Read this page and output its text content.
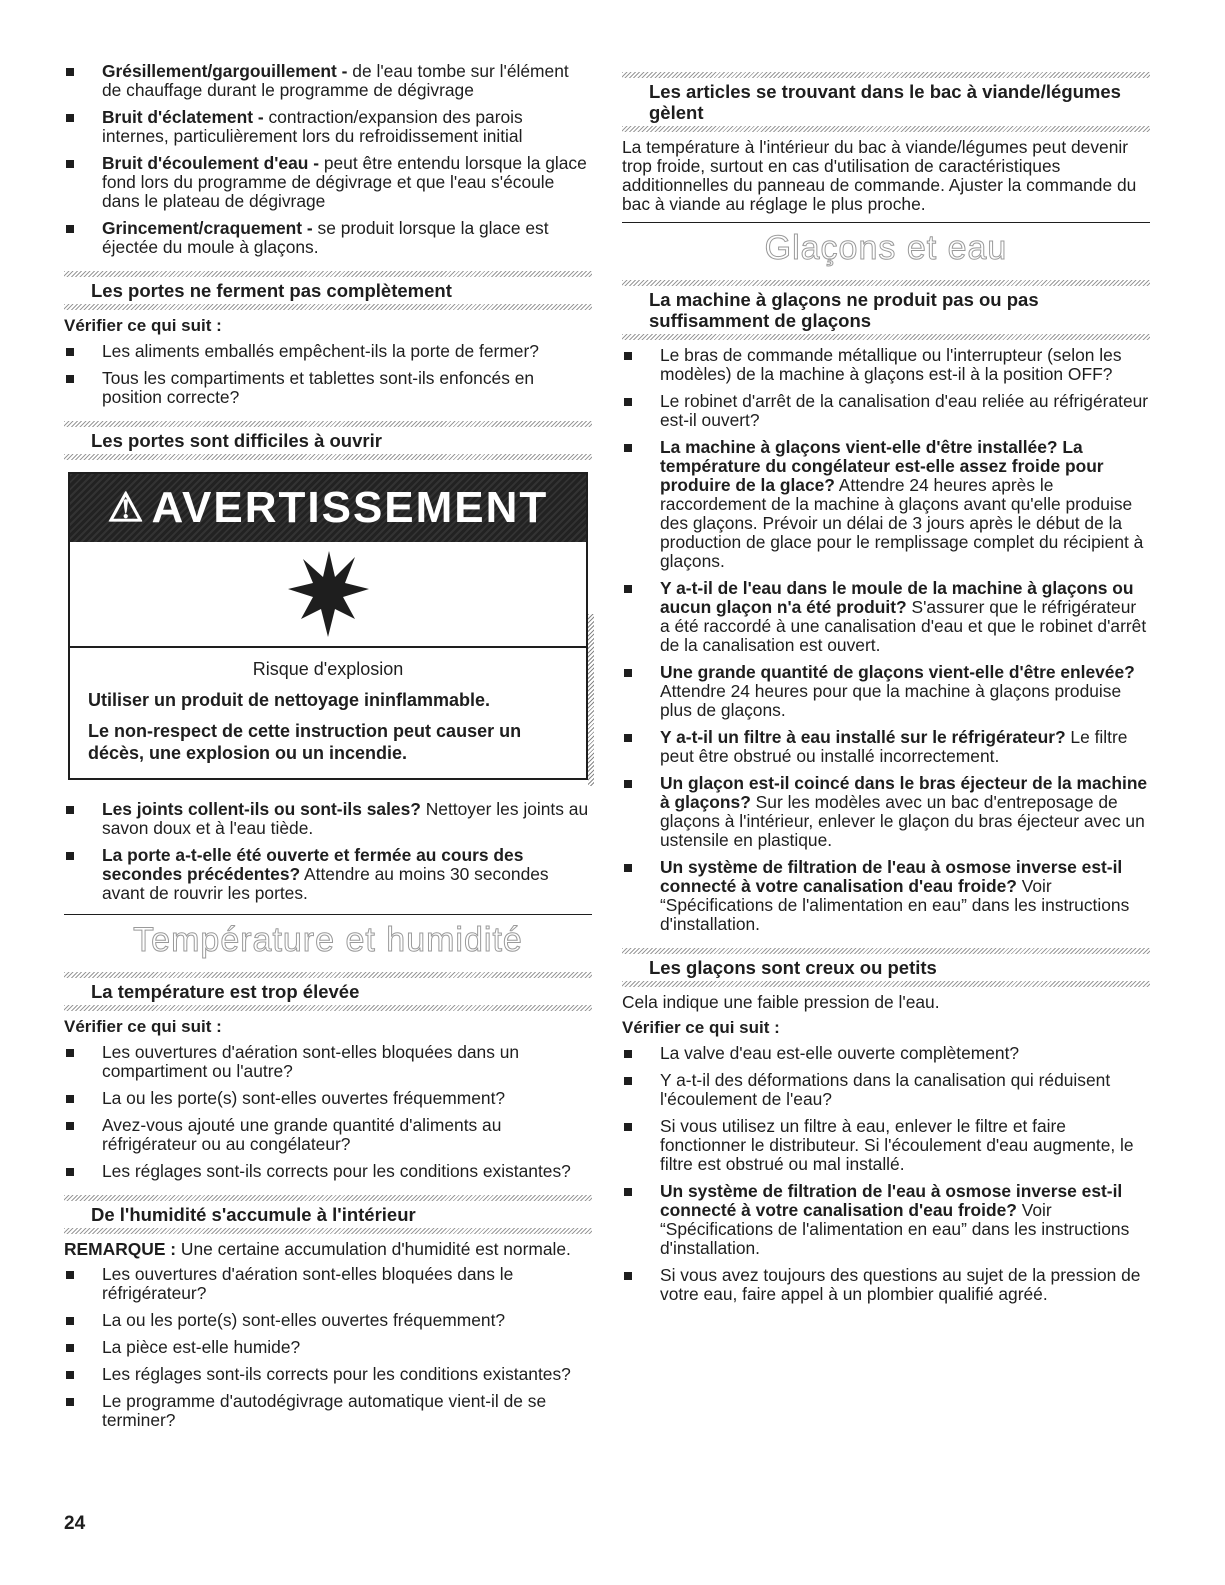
Grésillement/gargouillement - de l'eau tombe sur l'élément de chauffage durant le programme de dégivrage
Bruit d'éclatement - contraction/expansion des parois internes, particulièrement lors du refroidissement initial
Bruit d'écoulement d'eau - peut être entendu lorsque la glace fond lors du programme de dégivrage et que l'eau s'écoule dans le plateau de dégivrage
Grincement/craquement - se produit lorsque la glace est éjectée du moule à glaçons.
Les portes ne ferment pas complètement
Vérifier ce qui suit :
Les aliments emballés empêchent-ils la porte de fermer?
Tous les compartiments et tablettes sont-ils enfoncés en position correcte?
Les portes sont difficiles à ouvrir
⚠ AVERTISSEMENT
Risque d'explosion
Utiliser un produit de nettoyage ininflammable.
Le non-respect de cette instruction peut causer un décès, une explosion ou un incendie.
Les joints collent-ils ou sont-ils sales? Nettoyer les joints au savon doux et à l'eau tiède.
La porte a-t-elle été ouverte et fermée au cours des secondes précédentes? Attendre au moins 30 secondes avant de rouvrir les portes.
Température et humidité
La température est trop élevée
Vérifier ce qui suit :
Les ouvertures d'aération sont-elles bloquées dans un compartiment ou l'autre?
La ou les porte(s) sont-elles ouvertes fréquemment?
Avez-vous ajouté une grande quantité d'aliments au réfrigérateur ou au congélateur?
Les réglages sont-ils corrects pour les conditions existantes?
De l'humidité s'accumule à l'intérieur
REMARQUE : Une certaine accumulation d'humidité est normale.
Les ouvertures d'aération sont-elles bloquées dans le réfrigérateur?
La ou les porte(s) sont-elles ouvertes fréquemment?
La pièce est-elle humide?
Les réglages sont-ils corrects pour les conditions existantes?
Le programme d'autodégivrage automatique vient-il de se terminer?
Les articles se trouvant dans le bac à viande/légumes gèlent
La température à l'intérieur du bac à viande/légumes peut devenir trop froide, surtout en cas d'utilisation de caractéristiques additionnelles du panneau de commande. Ajuster la commande du bac à viande au réglage le plus proche.
Glaçons et eau
La machine à glaçons ne produit pas ou pas suffisamment de glaçons
Le bras de commande métallique ou l'interrupteur (selon les modèles) de la machine à glaçons est-il à la position OFF?
Le robinet d'arrêt de la canalisation d'eau reliée au réfrigérateur est-il ouvert?
La machine à glaçons vient-elle d'être installée? La température du congélateur est-elle assez froide pour produire de la glace? Attendre 24 heures après le raccordement de la machine à glaçons avant qu'elle produise des glaçons. Prévoir un délai de 3 jours après le début de la production de glace pour le remplissage complet du récipient à glaçons.
Y a-t-il de l'eau dans le moule de la machine à glaçons ou aucun glaçon n'a été produit? S'assurer que le réfrigérateur a été raccordé à une canalisation d'eau et que le robinet d'arrêt de la canalisation est ouvert.
Une grande quantité de glaçons vient-elle d'être enlevée? Attendre 24 heures pour que la machine à glaçons produise plus de glaçons.
Y a-t-il un filtre à eau installé sur le réfrigérateur? Le filtre peut être obstrué ou installé incorrectement.
Un glaçon est-il coincé dans le bras éjecteur de la machine à glaçons? Sur les modèles avec un bac d'entreposage de glaçons à l'intérieur, enlever le glaçon du bras éjecteur avec un ustensile en plastique.
Un système de filtration de l'eau à osmose inverse est-il connecté à votre canalisation d'eau froide? Voir “Spécifications de l'alimentation en eau” dans les instructions d'installation.
Les glaçons sont creux ou petits
Cela indique une faible pression de l'eau.
Vérifier ce qui suit :
La valve d'eau est-elle ouverte complètement?
Y a-t-il des déformations dans la canalisation qui réduisent l'écoulement de l'eau?
Si vous utilisez un filtre à eau, enlever le filtre et faire fonctionner le distributeur. Si l'écoulement d'eau augmente, le filtre est obstrué ou mal installé.
Un système de filtration de l'eau à osmose inverse est-il connecté à votre canalisation d'eau froide? Voir “Spécifications de l'alimentation en eau” dans les instructions d'installation.
Si vous avez toujours des questions au sujet de la pression de votre eau, faire appel à un plombier qualifié agréé.
24
